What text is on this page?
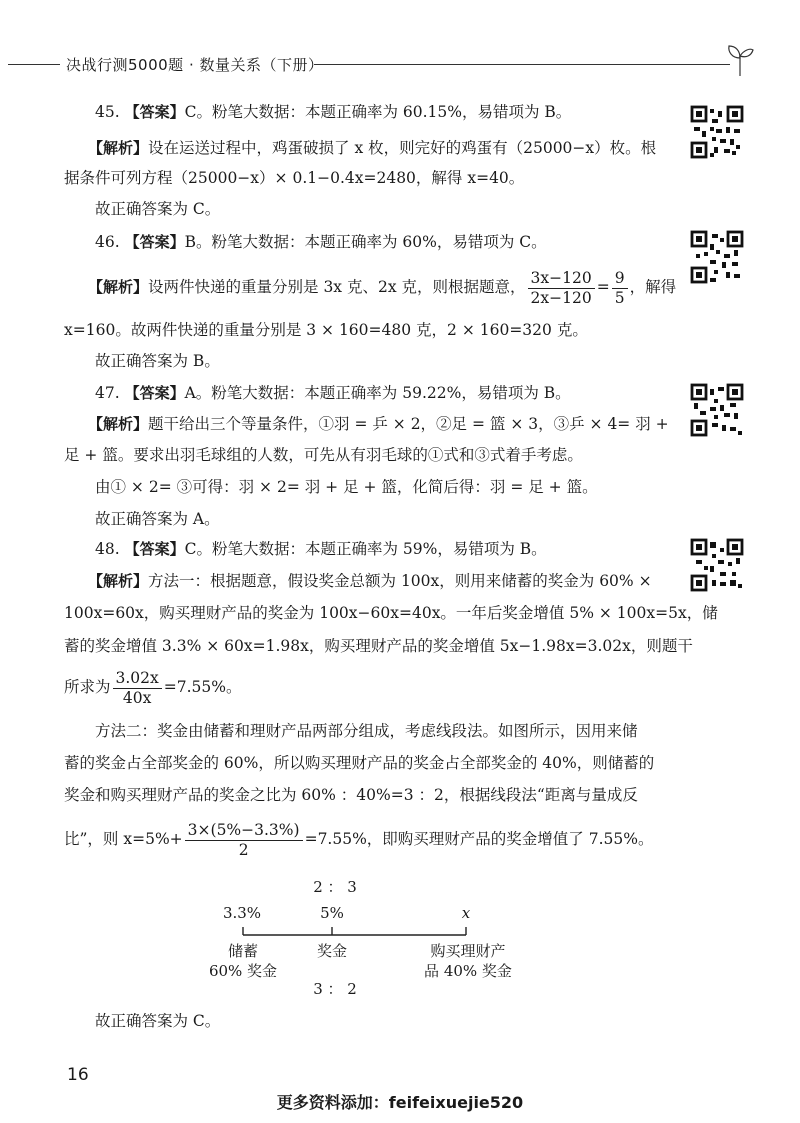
决战行测5000题 · 数量关系（下册）
45. 【答案】C。粉笔大数据：本题正确率为 60.15%，易错项为 B。
【解析】设在运送过程中，鸡蛋破损了 x 枚，则完好的鸡蛋有（25000−x）枚。根
据条件可列方程（25000−x）× 0.1−0.4x=2480，解得 x=40。
故正确答案为 C。
46. 【答案】B。粉笔大数据：本题正确率为 60%，易错项为 C。
【解析】设两件快递的重量分别是 3x 克、2x 克，则根据题意， $\frac{3x-120}{2x-120} = \frac{9}{5}$ ，解得
x=160。故两件快递的重量分别是 3 × 160=480 克，2 × 160=320 克。
故正确答案为 B。
47. 【答案】A。粉笔大数据：本题正确率为 59.22%，易错项为 B。
【解析】题干给出三个等量条件，①羽 = 乒 × 2，②足 = 篮 × 3，③乒 × 4= 羽 +
足 + 篮。要求出羽毛球组的人数，可先从有羽毛球的①式和③式着手考虑。
由① × 2= ③可得：羽 × 2= 羽 + 足 + 篮，化简后得：羽 = 足 + 篮。
故正确答案为 A。
48. 【答案】C。粉笔大数据：本题正确率为 59%，易错项为 B。
【解析】方法一：根据题意，假设奖金总额为 100x，则用来储蓄的奖金为 60% ×
100x=60x，购买理财产品的奖金为 100x−60x=40x。一年后奖金增值 5% × 100x=5x，储
蓄的奖金增值 3.3% × 60x=1.98x，购买理财产品的奖金增值 5x−1.98x=3.02x，则题干
所求为 $\frac{3.02x}{40x} =7.55\%$。
方法二：奖金由储蓄和理财产品两部分组成，考虑线段法。如图所示，因用来储
蓄的奖金占全部奖金的 60%，所以购买理财产品的奖金占全部奖金的 40%，则储蓄的
奖金和购买理财产品的奖金之比为 60% ：40%=3 ：2，根据线段法“距离与量成反
比”，则 $x=5\%+ \frac{3\times(5\%-3.3\%)}{2} =7.55\%$，即购买理财产品的奖金增值了 7.55%。
2 ： 3
3.3%	5%	x
储蓄
60% 奖金
奖金	购买理财产
品 40% 奖金
3 ： 2
故正确答案为 C。
16
更多资料添加：feifeixuejie520
